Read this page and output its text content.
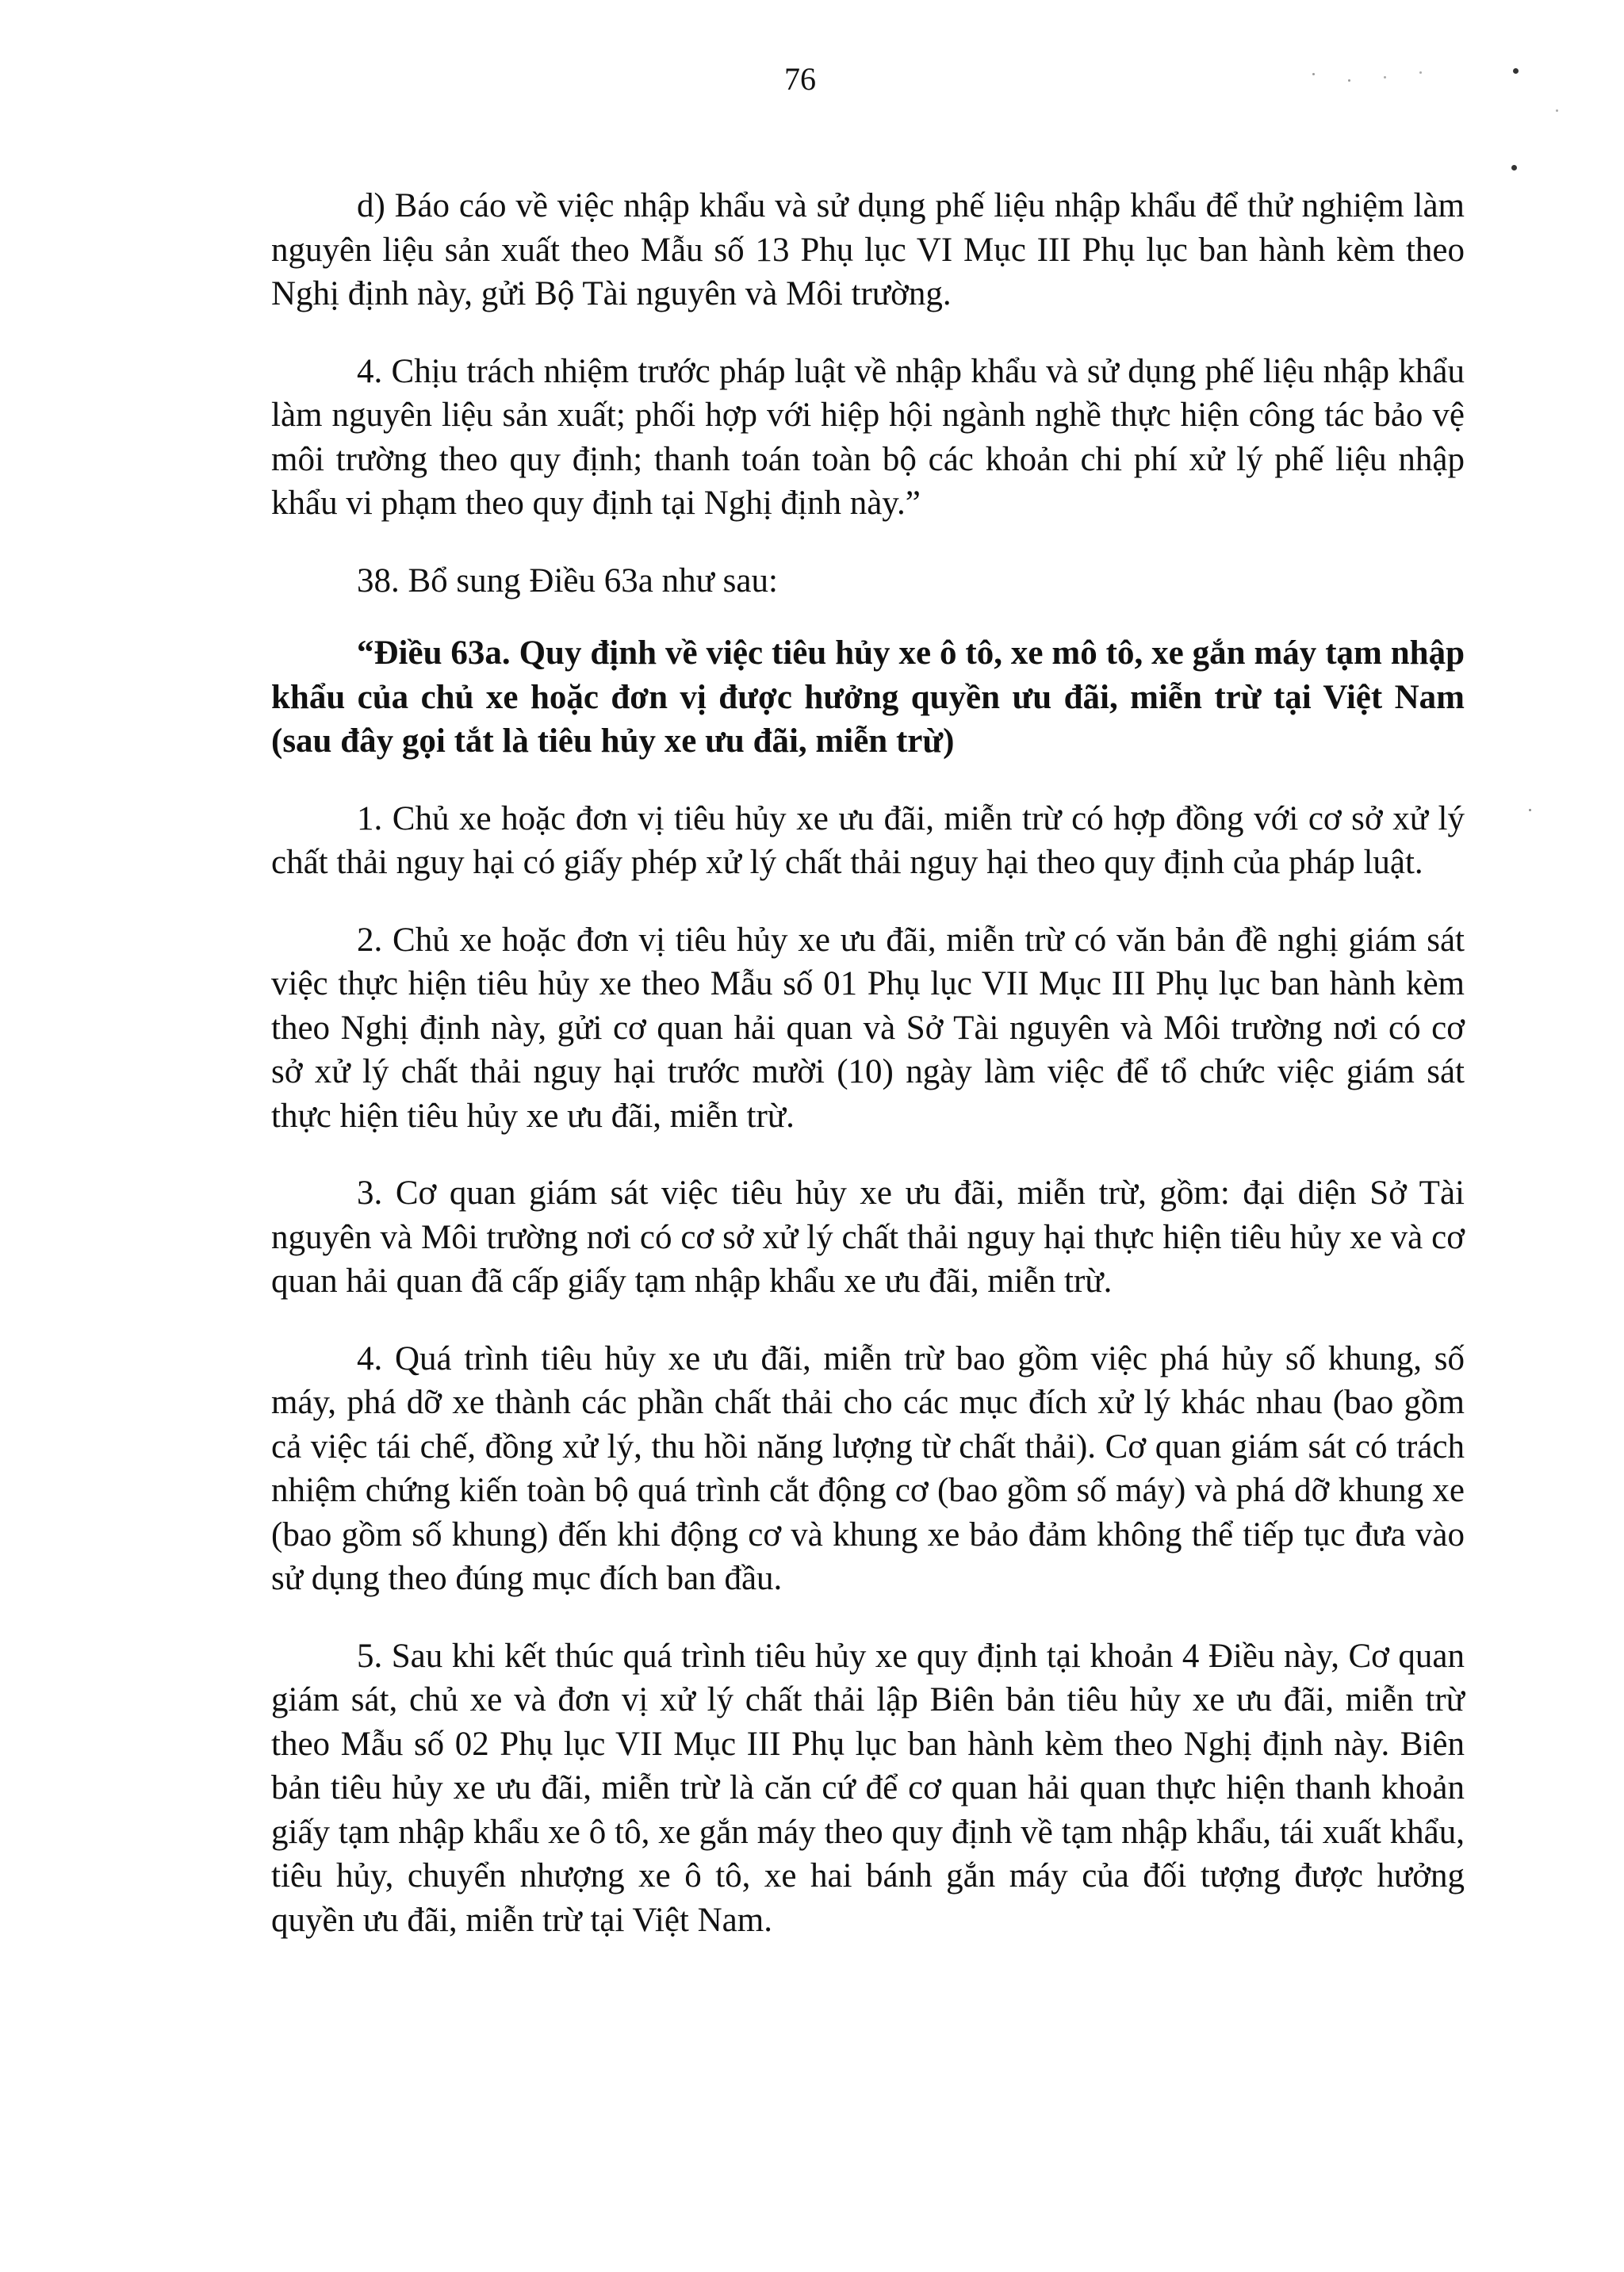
76

d) Báo cáo về việc nhập khẩu và sử dụng phế liệu nhập khẩu để thử nghiệm làm nguyên liệu sản xuất theo Mẫu số 13 Phụ lục VI Mục III Phụ lục ban hành kèm theo Nghị định này, gửi Bộ Tài nguyên và Môi trường.

4. Chịu trách nhiệm trước pháp luật về nhập khẩu và sử dụng phế liệu nhập khẩu làm nguyên liệu sản xuất; phối hợp với hiệp hội ngành nghề thực hiện công tác bảo vệ môi trường theo quy định; thanh toán toàn bộ các khoản chi phí xử lý phế liệu nhập khẩu vi phạm theo quy định tại Nghị định này.”

38. Bổ sung Điều 63a như sau:

“Điều 63a. Quy định về việc tiêu hủy xe ô tô, xe mô tô, xe gắn máy tạm nhập khẩu của chủ xe hoặc đơn vị được hưởng quyền ưu đãi, miễn trừ tại Việt Nam (sau đây gọi tắt là tiêu hủy xe ưu đãi, miễn trừ)

1. Chủ xe hoặc đơn vị tiêu hủy xe ưu đãi, miễn trừ có hợp đồng với cơ sở xử lý chất thải nguy hại có giấy phép xử lý chất thải nguy hại theo quy định của pháp luật.

2. Chủ xe hoặc đơn vị tiêu hủy xe ưu đãi, miễn trừ có văn bản đề nghị giám sát việc thực hiện tiêu hủy xe theo Mẫu số 01 Phụ lục VII Mục III Phụ lục ban hành kèm theo Nghị định này, gửi cơ quan hải quan và Sở Tài nguyên và Môi trường nơi có cơ sở xử lý chất thải nguy hại trước mười (10) ngày làm việc để tổ chức việc giám sát thực hiện tiêu hủy xe ưu đãi, miễn trừ.

3. Cơ quan giám sát việc tiêu hủy xe ưu đãi, miễn trừ, gồm: đại diện Sở Tài nguyên và Môi trường nơi có cơ sở xử lý chất thải nguy hại thực hiện tiêu hủy xe và cơ quan hải quan đã cấp giấy tạm nhập khẩu xe ưu đãi, miễn trừ.

4. Quá trình tiêu hủy xe ưu đãi, miễn trừ bao gồm việc phá hủy số khung, số máy, phá dỡ xe thành các phần chất thải cho các mục đích xử lý khác nhau (bao gồm cả việc tái chế, đồng xử lý, thu hồi năng lượng từ chất thải). Cơ quan giám sát có trách nhiệm chứng kiến toàn bộ quá trình cắt động cơ (bao gồm số máy) và phá dỡ khung xe (bao gồm số khung) đến khi động cơ và khung xe bảo đảm không thể tiếp tục đưa vào sử dụng theo đúng mục đích ban đầu.

5. Sau khi kết thúc quá trình tiêu hủy xe quy định tại khoản 4 Điều này, Cơ quan giám sát, chủ xe và đơn vị xử lý chất thải lập Biên bản tiêu hủy xe ưu đãi, miễn trừ theo Mẫu số 02 Phụ lục VII Mục III Phụ lục ban hành kèm theo Nghị định này. Biên bản tiêu hủy xe ưu đãi, miễn trừ là căn cứ để cơ quan hải quan thực hiện thanh khoản giấy tạm nhập khẩu xe ô tô, xe gắn máy theo quy định về tạm nhập khẩu, tái xuất khẩu, tiêu hủy, chuyển nhượng xe ô tô, xe hai bánh gắn máy của đối tượng được hưởng quyền ưu đãi, miễn trừ tại Việt Nam.
